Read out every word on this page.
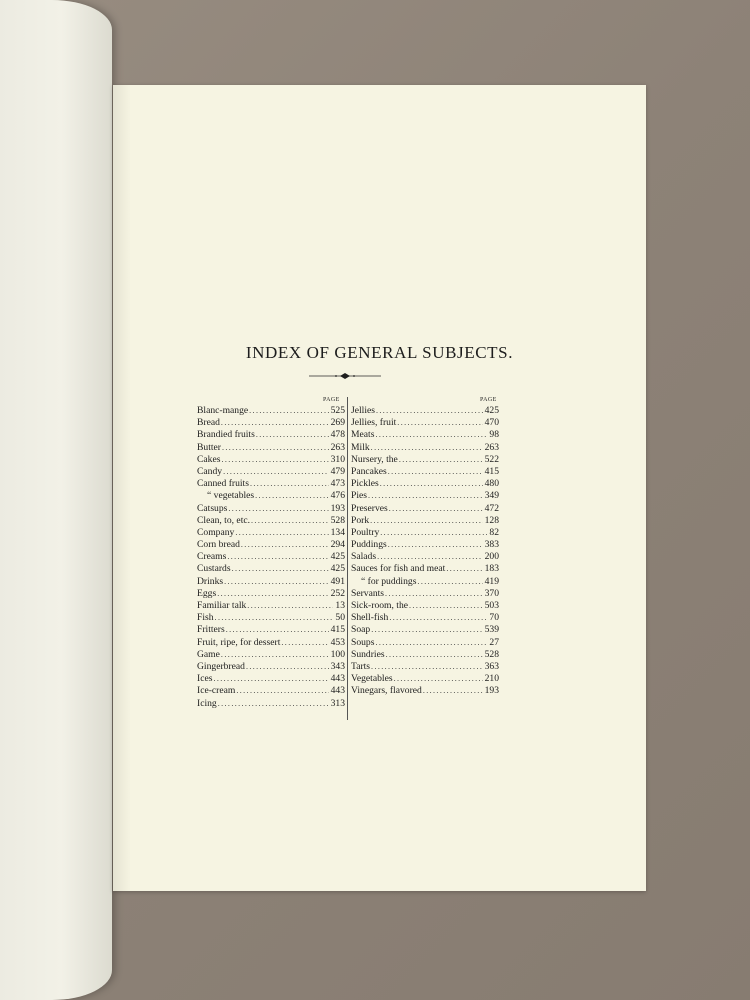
INDEX OF GENERAL SUBJECTS.
PAGE	PAGE
Blanc-mange .....	525
Bread .....	269
Brandied fruits .....	478
Butter .....	263
Cakes .....	310
Candy .....	479
Canned fruits .....	473
“ vegetables .....	476
Catsups .....	193
Clean, to, etc. .....	528
Company .....	134
Corn bread .....	294
Creams .....	425
Custards .....	425
Drinks .....	491
Eggs .....	252
Familiar talk .....	13
Fish .....	50
Fritters .....	415
Fruit, ripe, for dessert .....	453
Game .....	100
Gingerbread .....	343
Ices .....	443
Ice-cream .....	443
Icing .....	313
Jellies .....	425
Jellies, fruit .....	470
Meats .....	98
Milk .....	263
Nursery, the .....	522
Pancakes .....	415
Pickles .....	480
Pies .....	349
Preserves .....	472
Pork .....	128
Poultry .....	82
Puddings .....	383
Salads .....	200
Sauces for fish and meat .....	183
“ for puddings .....	419
Servants .....	370
Sick-room, the .....	503
Shell-fish .....	70
Soap .....	539
Soups .....	27
Sundries .....	528
Tarts .....	363
Vegetables .....	210
Vinegars, flavored .....	193
